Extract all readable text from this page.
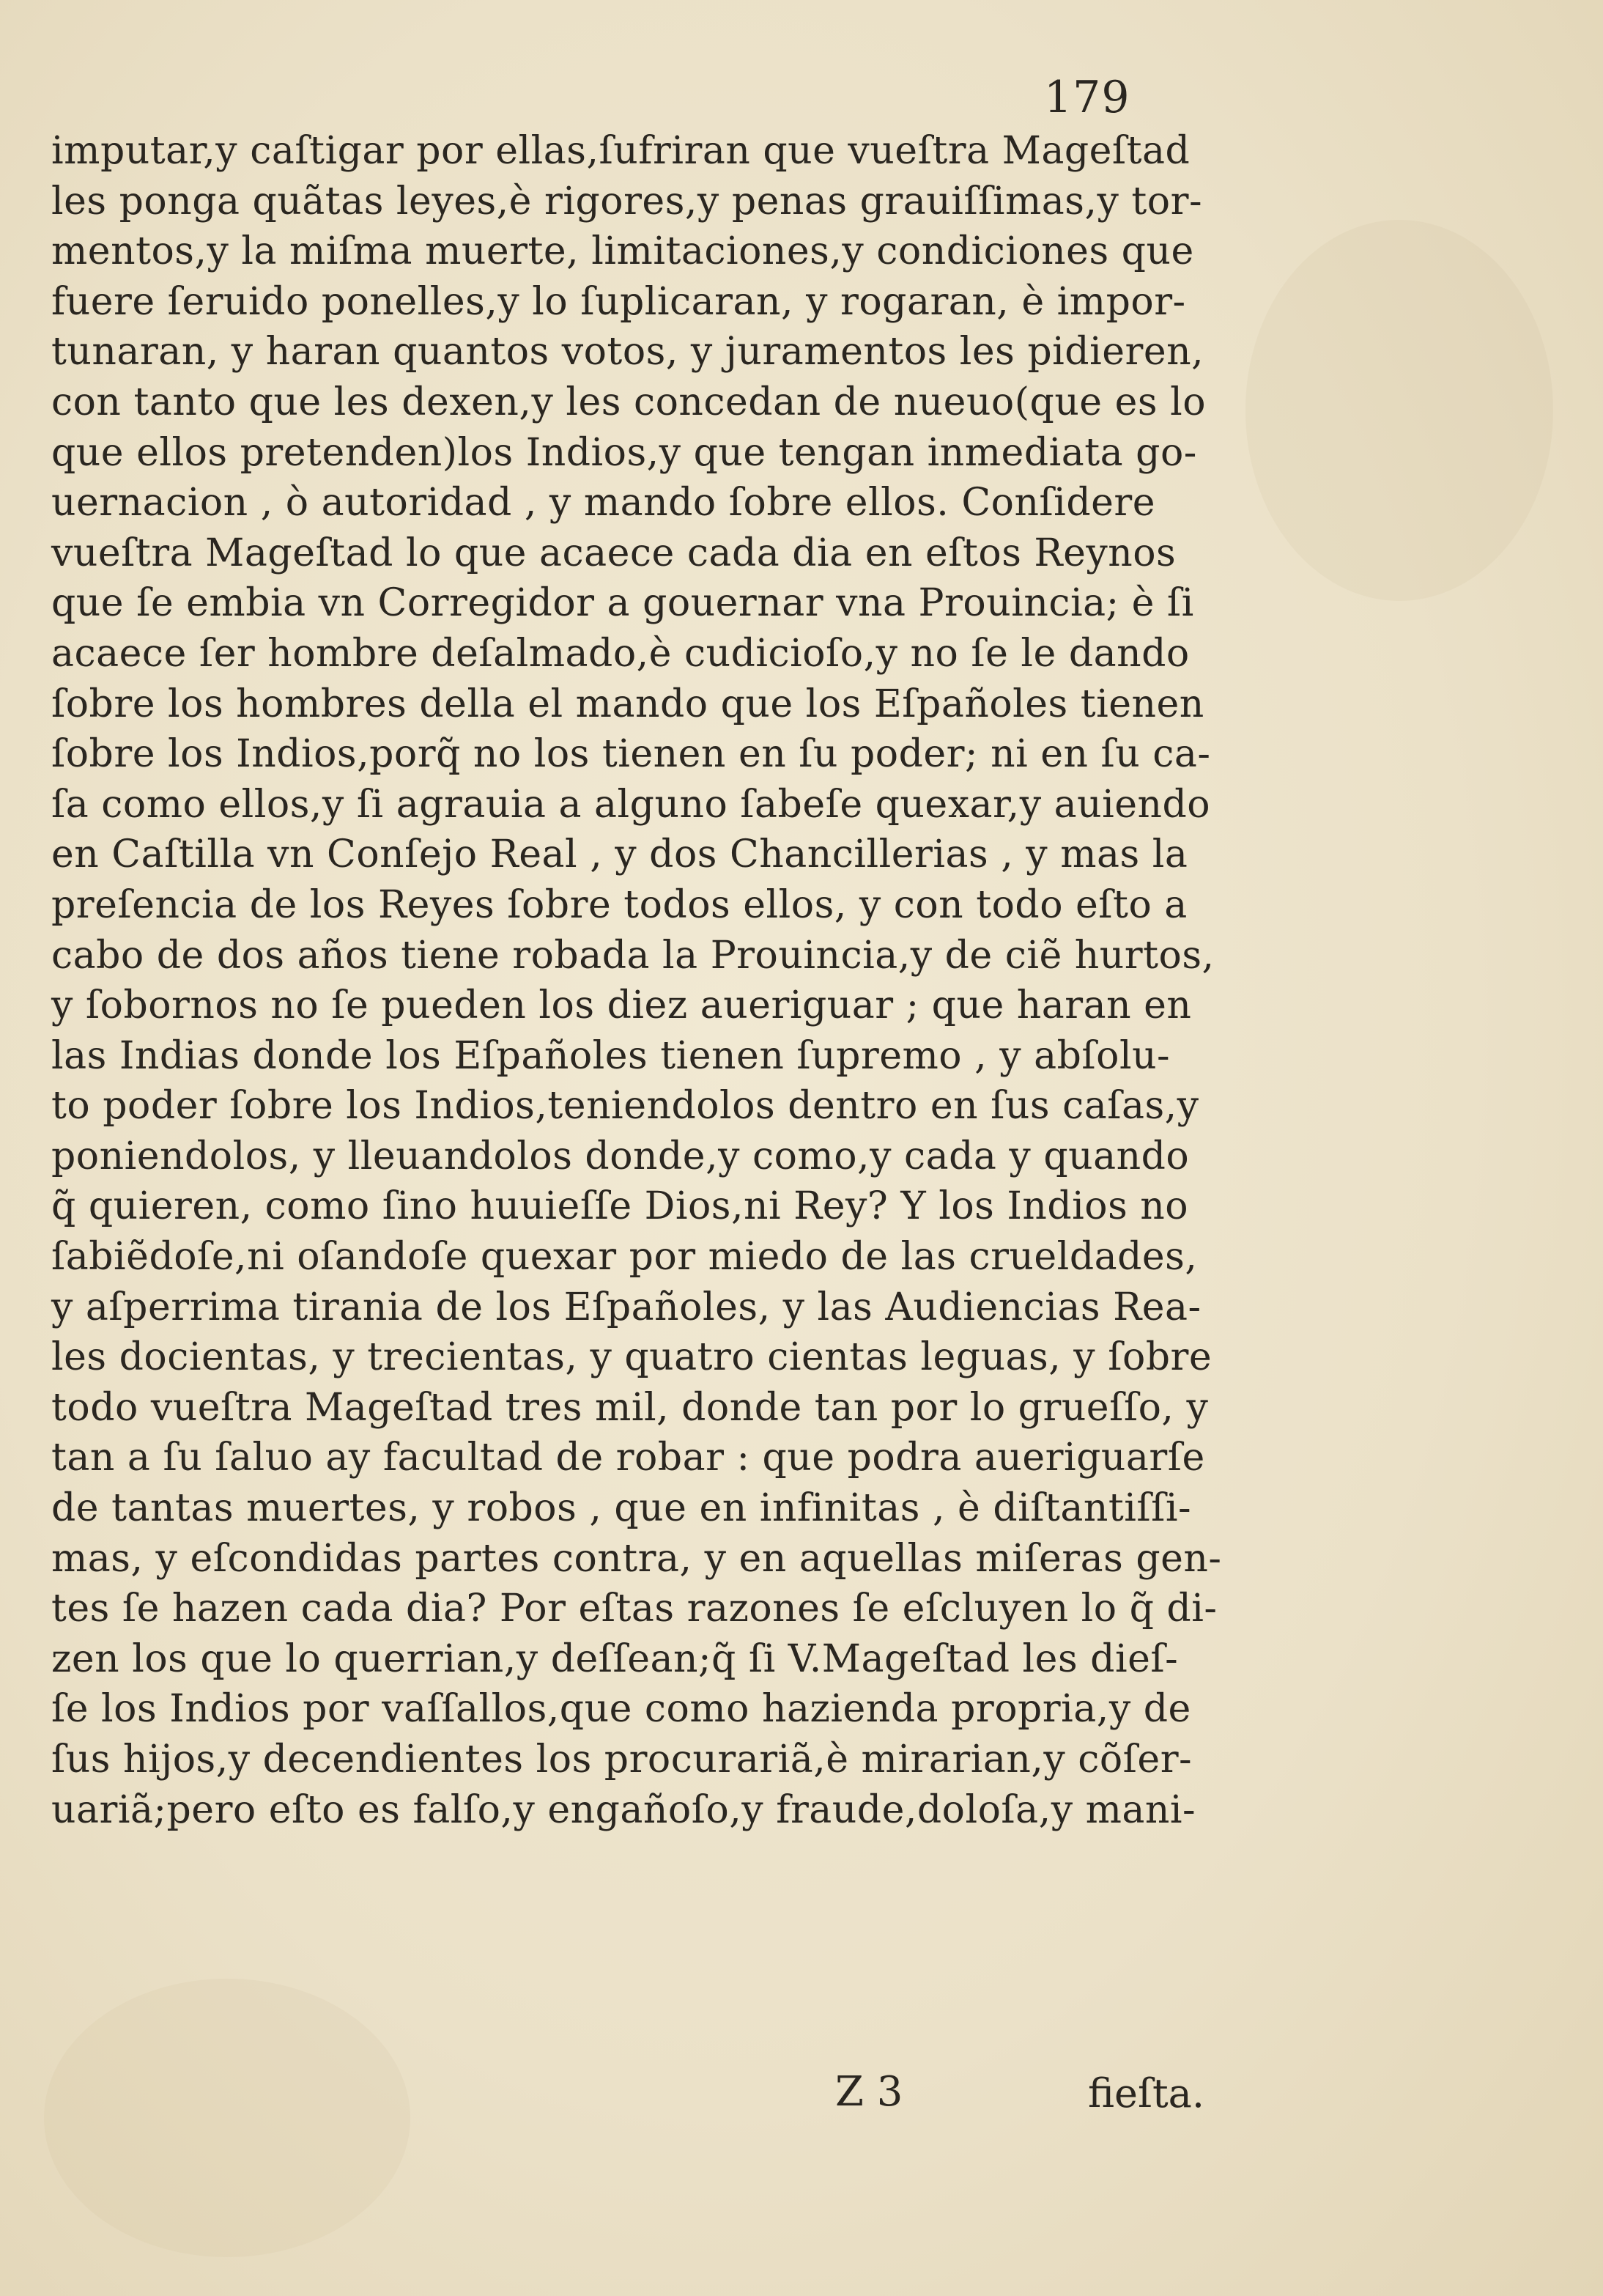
179
imputar,y caſtigar por ellas,ſufriran que vueſtra Mageſtad
les ponga quãtas leyes,è rigores,y penas grauiſſimas,y tor-
mentos,y la miſma muerte, limitaciones,y condiciones que
fuere ſeruido ponelles,y lo ſuplicaran, y rogaran, è impor-
tunaran, y haran quantos votos, y juramentos les pidieren,
con tanto que les dexen,y les concedan de nueuo(que es lo
que ellos pretenden)los Indios,y que tengan inmediata go-
uernacion , ò autoridad , y mando ſobre ellos. Conſidere
vueſtra Mageſtad lo que acaece cada dia en eſtos Reynos
que ſe embia vn Corregidor a gouernar vna Prouincia; è ſi
acaece ſer hombre deſalmado,è cudicioſo,y no ſe le dando
ſobre los hombres della el mando que los Eſpañoles tienen
ſobre los Indios,porq̃ no los tienen en ſu poder; ni en ſu ca-
ſa como ellos,y ſi agrauia a alguno ſabeſe quexar,y auiendo
en Caſtilla vn Conſejo Real , y dos Chancillerias , y mas la
preſencia de los Reyes ſobre todos ellos, y con todo eſto a
cabo de dos años tiene robada la Prouincia,y de ciẽ hurtos,
y ſobornos no ſe pueden los diez aueriguar ; que haran en
las Indias donde los Eſpañoles tienen ſupremo , y abſolu-
to poder ſobre los Indios,teniendolos dentro en ſus caſas,y
poniendolos, y lleuandolos donde,y como,y cada y quando
q̃ quieren, como ſino huuieſſe Dios,ni Rey? Y los Indios no
ſabiẽdoſe,ni oſandoſe quexar por miedo de las crueldades,
y aſperrima tirania de los Eſpañoles, y las Audiencias Rea-
les docientas, y trecientas, y quatro cientas leguas, y ſobre
todo vueſtra Mageſtad tres mil, donde tan por lo grueſſo, y
tan a ſu ſaluo ay facultad de robar : que podra aueriguarſe
de tantas muertes, y robos , que en infinitas , è diſtantiſſi-
mas, y eſcondidas partes contra, y en aquellas miſeras gen-
tes ſe hazen cada dia? Por eſtas razones ſe eſcluyen lo q̃ di-
zen los que lo querrian,y deſſean;q̃ ſi V.Mageſtad les dieſ-
ſe los Indios por vaſſallos,que como hazienda propria,y de
ſus hijos,y decendientes los procurariã,è mirarian,y cõſer-
uariã;pero eſto es falſo,y engañoſo,y fraude,doloſa,y mani-
Z 3	fieſta.
